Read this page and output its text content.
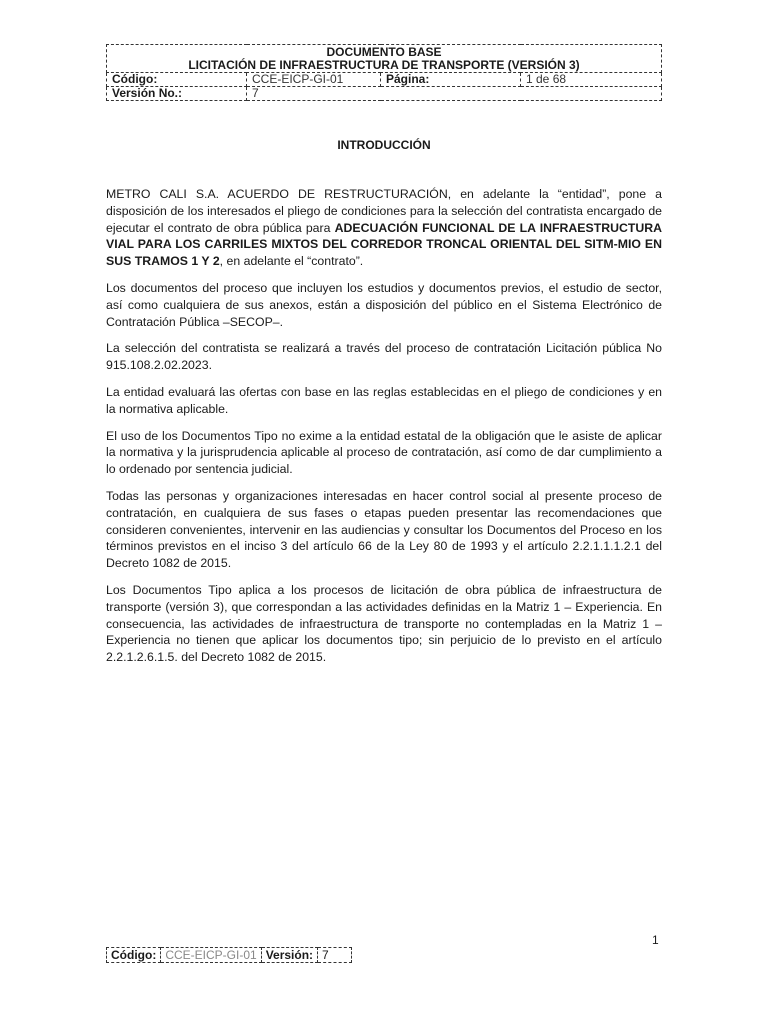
DOCUMENTO BASE
LICITACIÓN DE INFRAESTRUCTURA DE TRANSPORTE (VERSIÓN 3)			

Código:	CCE-EICP-GI-01	Página:	1 de 68
Versión No.:	7		
INTRODUCCIÓN

METRO CALI S.A. ACUERDO DE RESTRUCTURACIÓN, en adelante la “entidad”, pone a disposición de los interesados el pliego de condiciones para la selección del contratista encargado de ejecutar el contrato de obra pública para ADECUACIÓN FUNCIONAL DE LA INFRAESTRUCTURA VIAL PARA LOS CARRILES MIXTOS DEL CORREDOR TRONCAL ORIENTAL DEL SITM-MIO EN SUS TRAMOS 1 Y 2, en adelante el “contrato”.

Los documentos del proceso que incluyen los estudios y documentos previos, el estudio de sector, así como cualquiera de sus anexos, están a disposición del público en el Sistema Electrónico de Contratación Pública –SECOP–.

La selección del contratista se realizará a través del proceso de contratación Licitación pública No 915.108.2.02.2023.

La entidad evaluará las ofertas con base en las reglas establecidas en el pliego de condiciones y en la normativa aplicable.

El uso de los Documentos Tipo no exime a la entidad estatal de la obligación que le asiste de aplicar la normativa y la jurisprudencia aplicable al proceso de contratación, así como de dar cumplimiento a lo ordenado por sentencia judicial.

Todas las personas y organizaciones interesadas en hacer control social al presente proceso de contratación, en cualquiera de sus fases o etapas pueden presentar las recomendaciones que consideren convenientes, intervenir en las audiencias y consultar los Documentos del Proceso en los términos previstos en el inciso 3 del artículo 66 de la Ley 80 de 1993 y el artículo 2.2.1.1.1.2.1 del Decreto 1082 de 2015.

Los Documentos Tipo aplica a los procesos de licitación de obra pública de infraestructura de transporte (versión 3), que correspondan a las actividades definidas en la Matriz 1 – Experiencia. En consecuencia, las actividades de infraestructura de transporte no contempladas en la Matriz 1 – Experiencia no tienen que aplicar los documentos tipo; sin perjuicio de lo previsto en el artículo 2.2.1.2.6.1.5. del Decreto 1082 de 2015.

1
Código:	CCE-EICP-GI-01	Versión:	7
